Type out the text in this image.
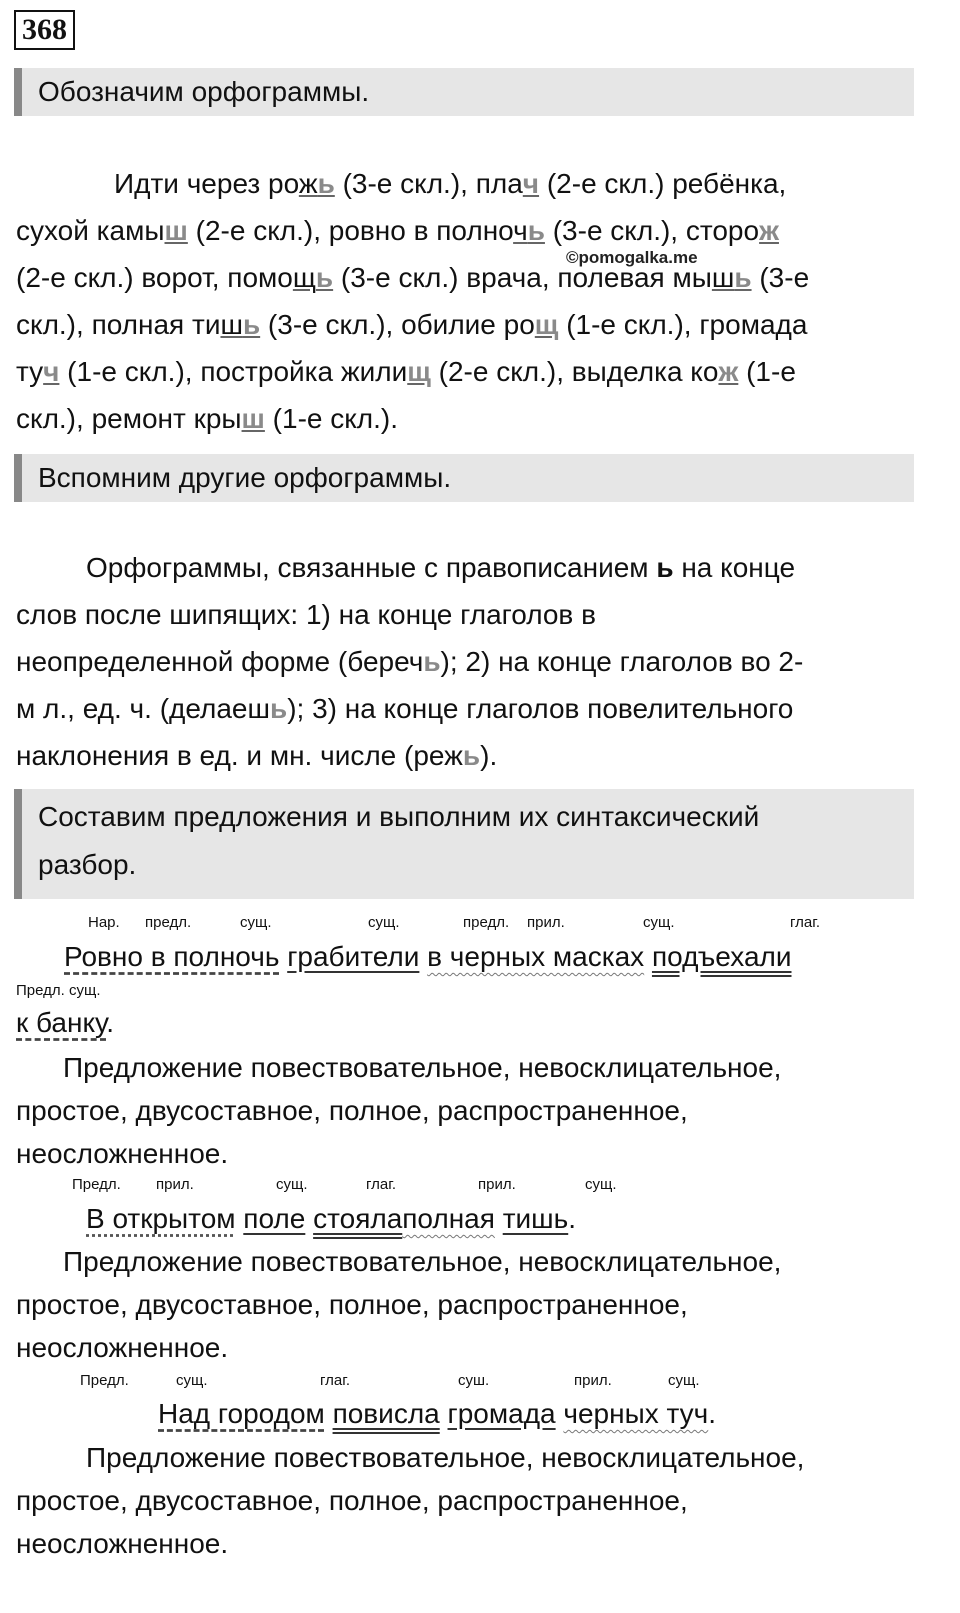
368
Обозначим орфограммы.
©pomogalka.me
Идти через рожь (3-е скл.), плач (2-е скл.) ребёнка,
сухой камыш (2-е скл.), ровно в полночь (3-е скл.), сторож
(2-е скл.) ворот, помощь (3-е скл.) врача, полевая мышь (3-е
скл.), полная тишь (3-е скл.), обилие рощ (1-е скл.), громада
туч (1-е скл.), постройка жилищ (2-е скл.), выделка кож (1-е
скл.), ремонт крыш (1-е скл.).
Вспомним другие орфограммы.
Орфограммы, связанные с правописанием ь на конце
слов после шипящих: 1) на конце глаголов в
неопределенной форме (беречь); 2) на конце глаголов во 2-
м л., ед. ч. (делаешь); 3) на конце глаголов повелительного
наклонения в ед. и мн. числе (режь).
Составим предложения и выполним их синтаксический
разбор.
Нар. предл.	сущ.	сущ.	предл. прил.	сущ.	глаг.
Ровно в полночь грабители в черных масках подъехали
Предл. сущ.
к банку.
Предложение повествовательное, невосклицательное,
простое, двусоставное, полное, распространенное,
неосложненное.
Предл. прил.	сущ.	глаг.	прил.	сущ.
В открытом поле стоялаполная тишь.
Предложение повествовательное, невосклицательное,
простое, двусоставное, полное, распространенное,
неосложненное.
Предл.	сущ.	глаг.	суш.	прил.	сущ.
Над городом повисла громада черных туч.
Предложение повествовательное, невосклицательное,
простое, двусоставное, полное, распространенное,
неосложненное.
